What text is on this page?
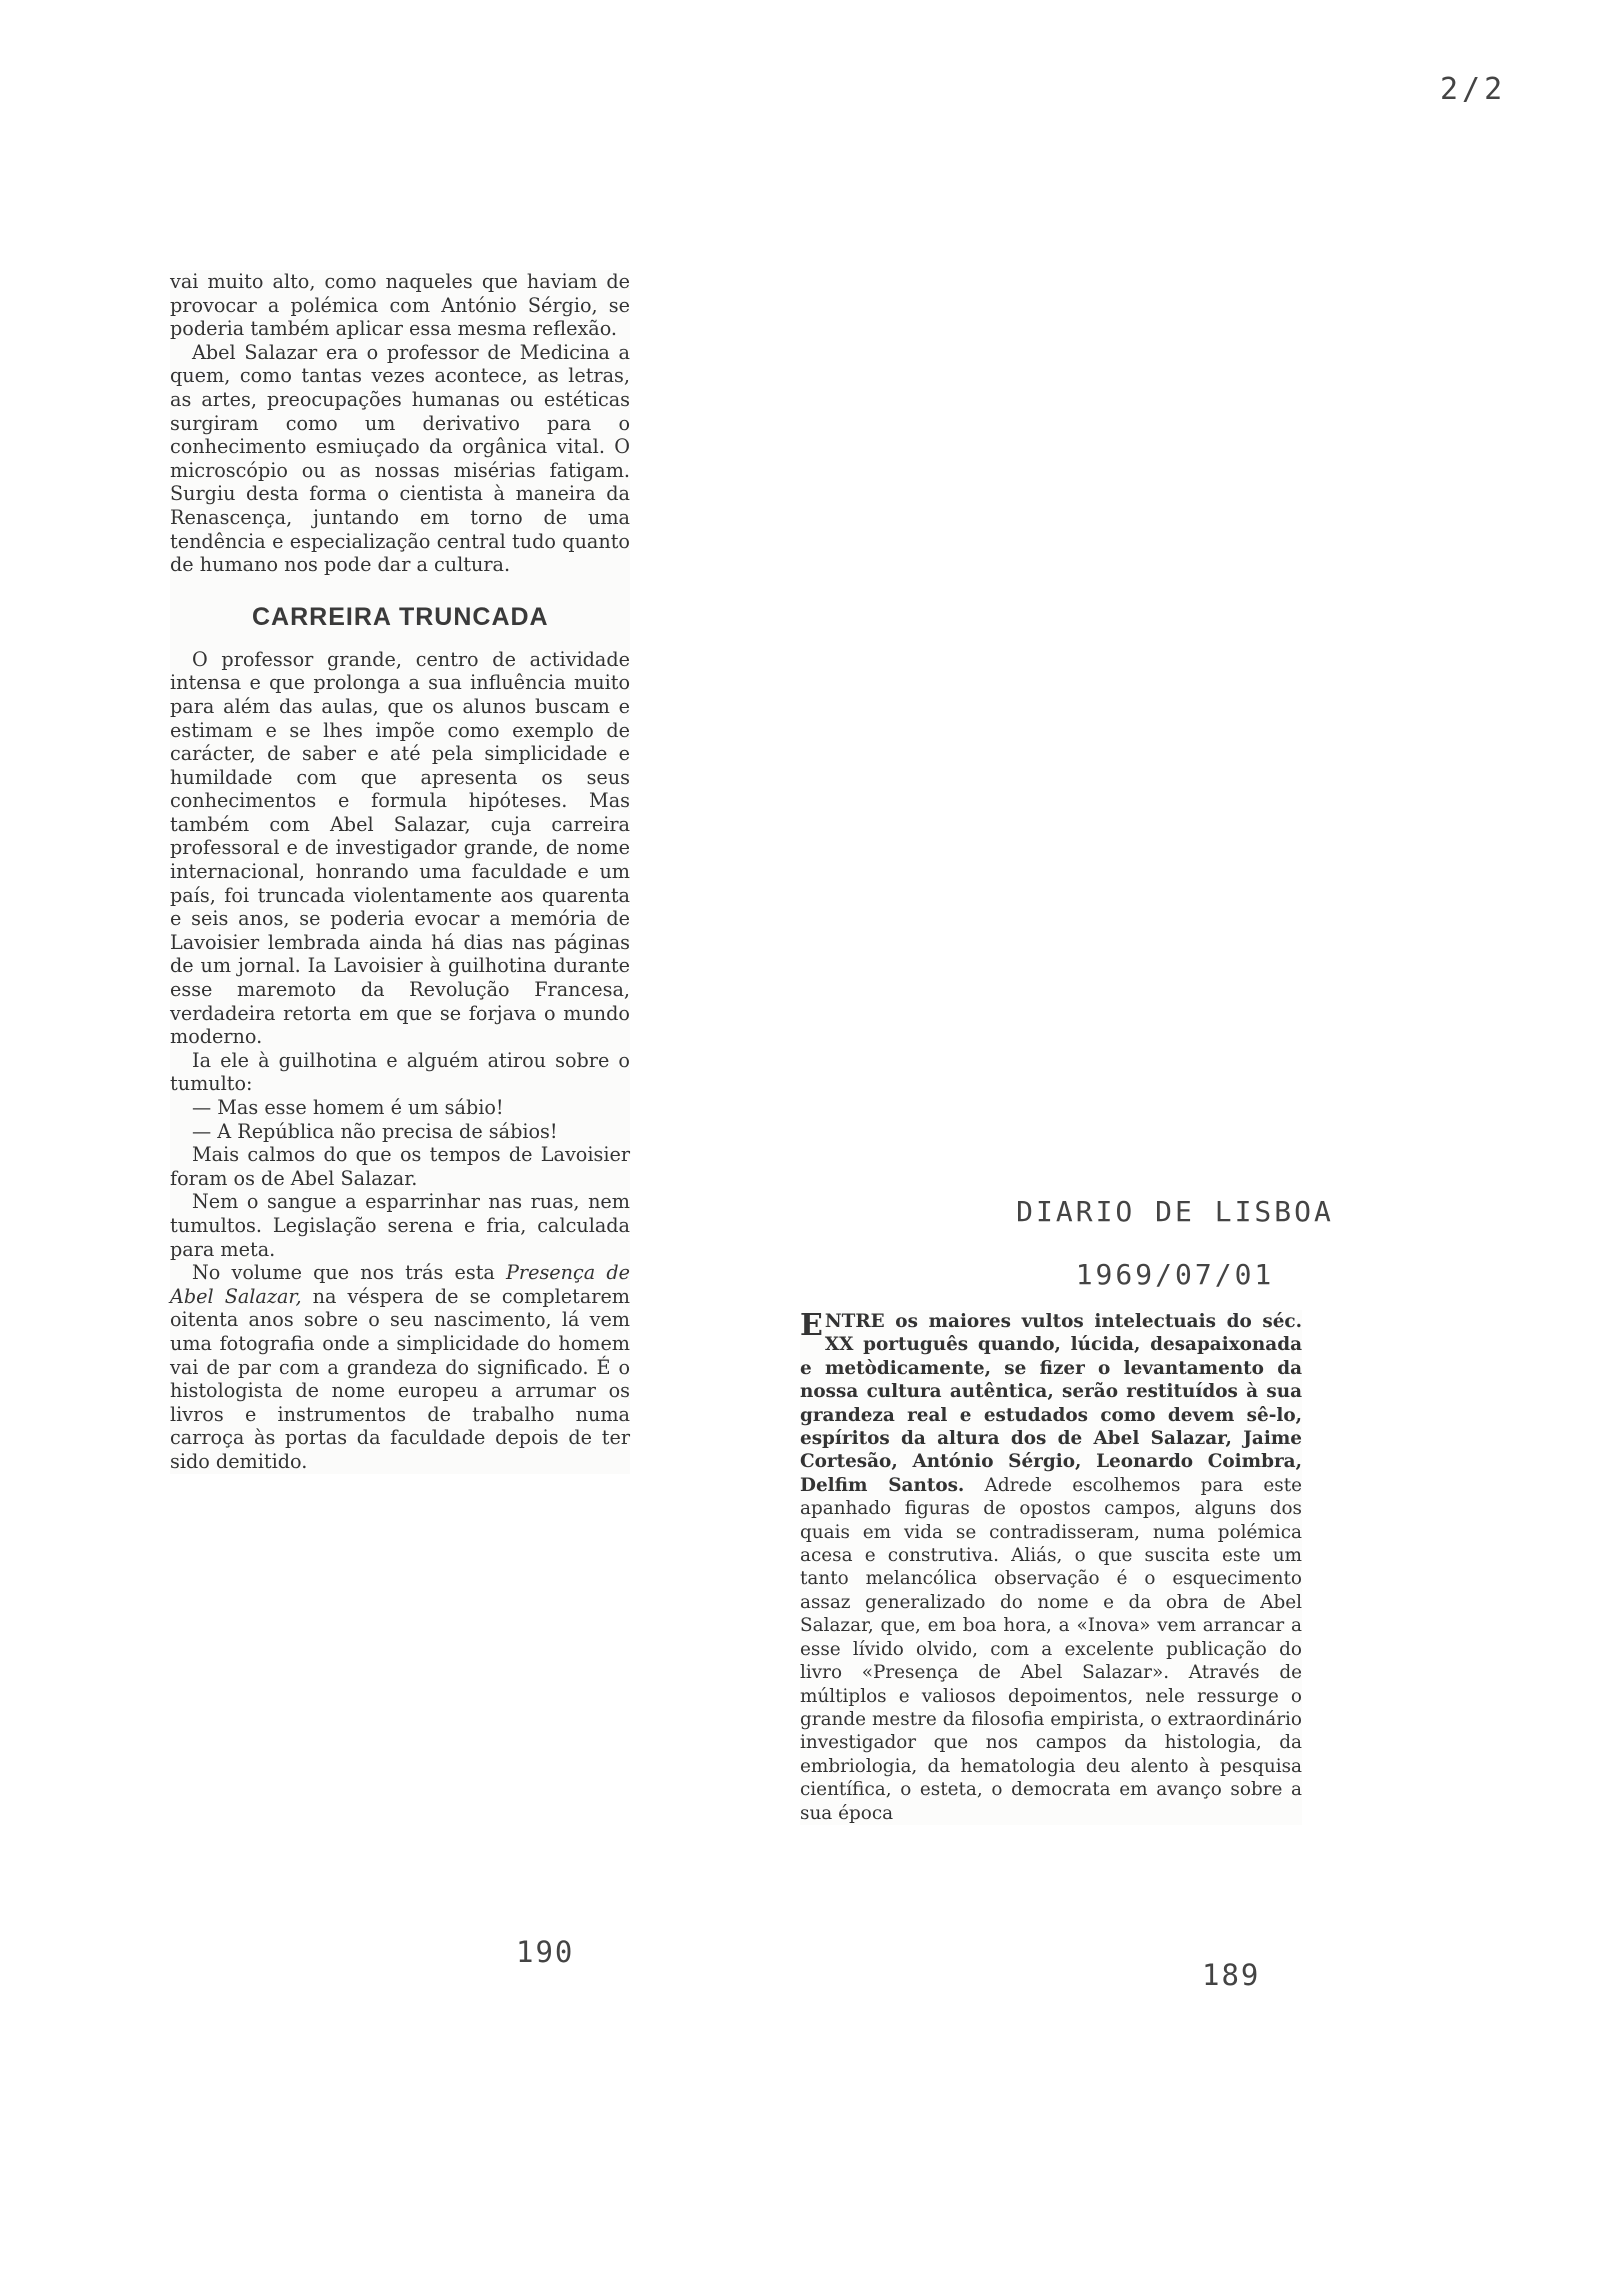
2/2

vai muito alto, como naqueles que haviam de provocar a polémica com António Sérgio, se poderia também aplicar essa mesma reflexão.

Abel Salazar era o professor de Medicina a quem, como tantas vezes acontece, as letras, as artes, preocupações humanas ou estéticas surgiram como um derivativo para o conhecimento esmiuçado da orgânica vital. O microscópio ou as nossas misérias fatigam. Surgiu desta forma o cientista à maneira da Renascença, juntando em torno de uma tendência e especialização central tudo quanto de humano nos pode dar a cultura.

CARREIRA TRUNCADA

O professor grande, centro de actividade intensa e que prolonga a sua influência muito para além das aulas, que os alunos buscam e estimam e se lhes impõe como exemplo de carácter, de saber e até pela simplicidade e humildade com que apresenta os seus conhecimentos e formula hipóteses. Mas também com Abel Salazar, cuja carreira professoral e de investigador grande, de nome internacional, honrando uma faculdade e um país, foi truncada violentamente aos quarenta e seis anos, se poderia evocar a memória de Lavoisier lembrada ainda há dias nas páginas de um jornal. Ia Lavoisier à guilhotina durante esse maremoto da Revolução Francesa, verdadeira retorta em que se forjava o mundo moderno.

Ia ele à guilhotina e alguém atirou sobre o tumulto:

— Mas esse homem é um sábio!

— A República não precisa de sábios!

Mais calmos do que os tempos de Lavoisier foram os de Abel Salazar.

Nem o sangue a esparrinhar nas ruas, nem tumultos. Legislação serena e fria, calculada para meta.

No volume que nos trás esta Presença de Abel Salazar, na véspera de se completarem oitenta anos sobre o seu nascimento, lá vem uma fotografia onde a simplicidade do homem vai de par com a grandeza do significado. É o histologista de nome europeu a arrumar os livros e instrumentos de trabalho numa carroça às portas da faculdade depois de ter sido demitido.

190
DIARIO DE LISBOA
1969/07/01

ENTRE os maiores vultos intelectuais do séc. XX português quando, lúcida, desapaixonada e metòdicamente, se fizer o levantamento da nossa cultura autêntica, serão restituídos à sua grandeza real e estudados como devem sê-lo, espíritos da altura dos de Abel Salazar, Jaime Cortesão, António Sérgio, Leonardo Coimbra, Delfim Santos. Adrede escolhemos para este apanhado figuras de opostos campos, alguns dos quais em vida se contradisseram, numa polémica acesa e construtiva. Aliás, o que suscita este um tanto melancólica observação é o esquecimento assaz generalizado do nome e da obra de Abel Salazar, que, em boa hora, a «Inova» vem arrancar a esse lívido olvido, com a excelente publicação do livro «Presença de Abel Salazar». Através de múltiplos e valiosos depoimentos, nele ressurge o grande mestre da filosofia empirista, o extraordinário investigador que nos campos da histologia, da embriologia, da hematologia deu alento à pesquisa científica, o esteta, o democrata em avanço sobre a sua época

189
